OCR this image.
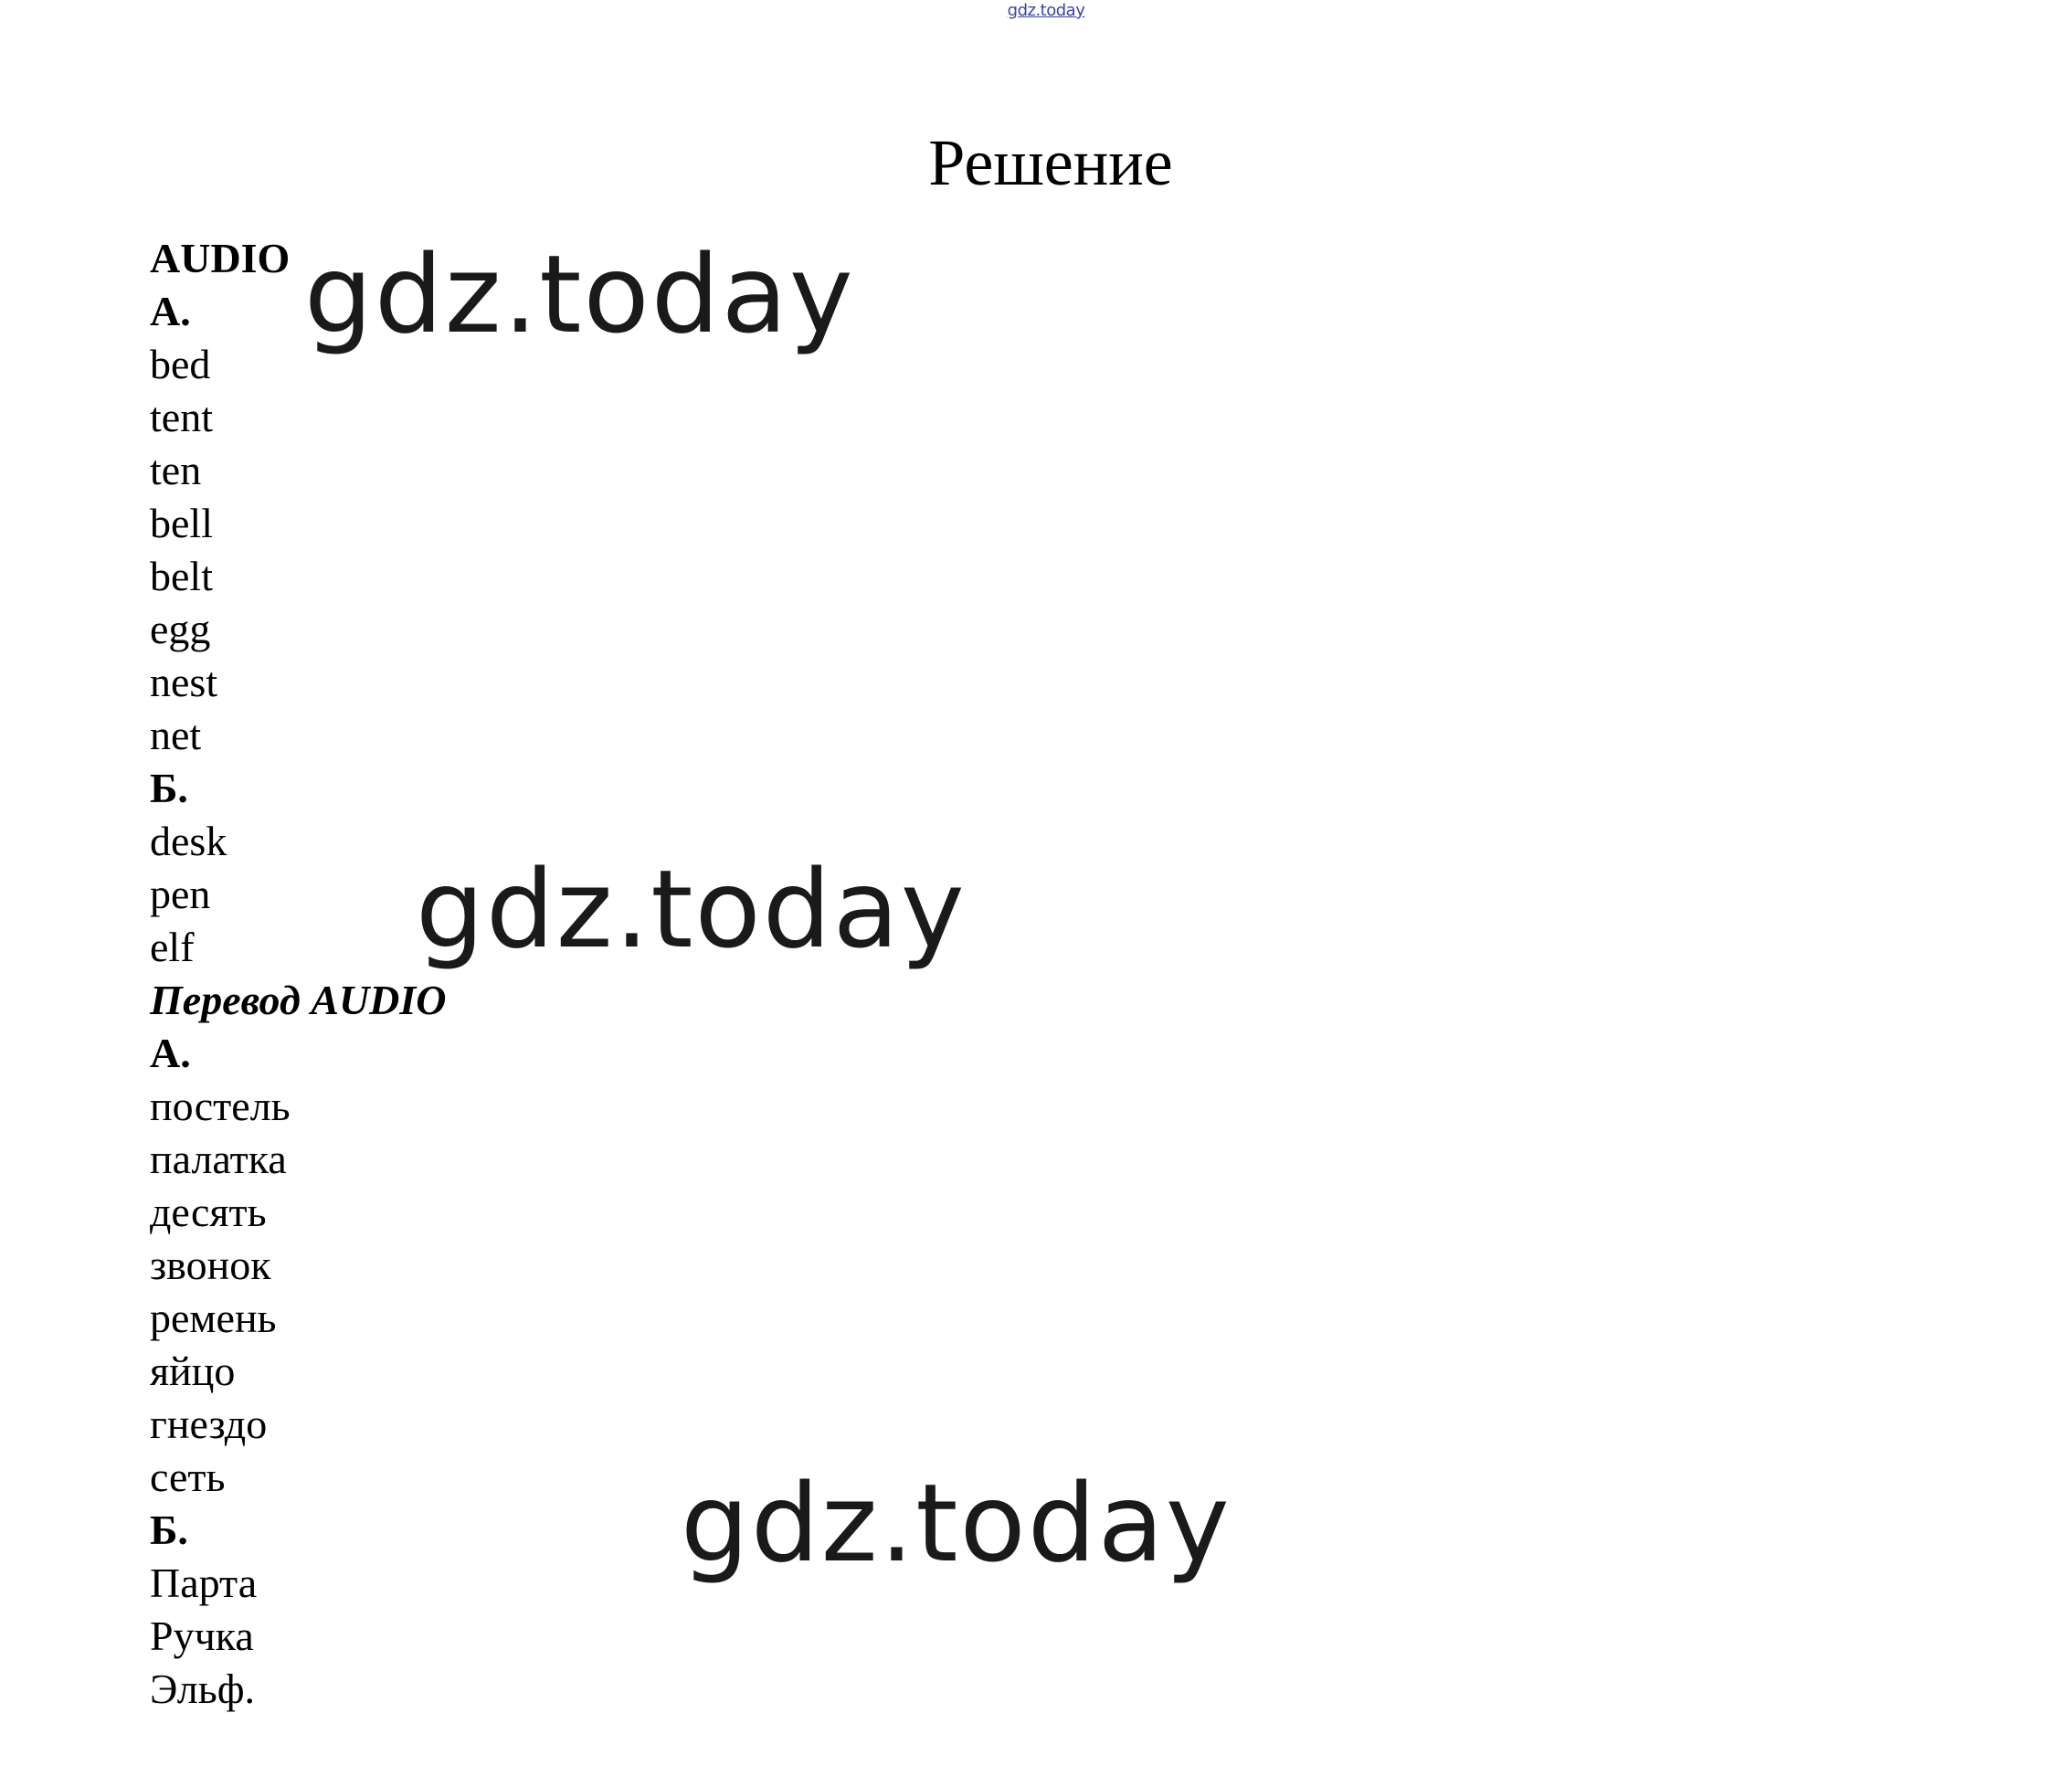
gdz.today
Решение
AUDIO
А.
bed
tent
ten
bell
belt
egg
nest
net
Б.
desk
pen
elf
Перевод AUDIO
А.
постель
палатка
десять
звонок
ремень
яйцо
гнездо
сеть
Б.
Парта
Ручка
Эльф.
gdz.today
gdz.today
gdz.today
